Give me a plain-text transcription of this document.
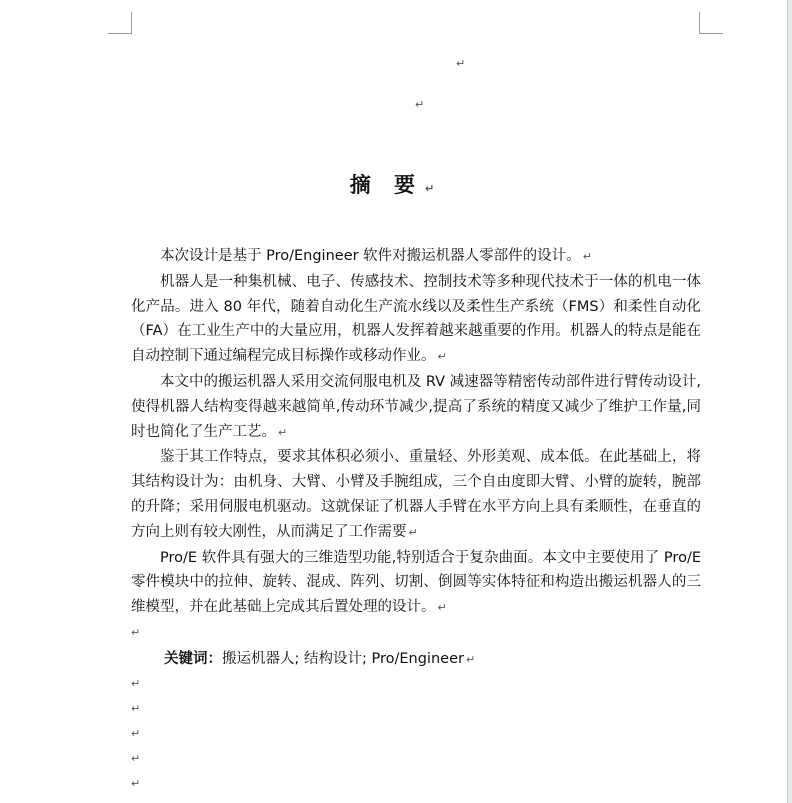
↵
↵
摘 要 ↵

本次设计是基于 Pro/Engineer 软件对搬运机器人零部件的设计。 ↵

机器人是一种集机械、电子、传感技术、控制技术等多种现代技术于一体的机电一体化产品。进入 80 年代，随着自动化生产流水线以及柔性生产系统（FMS）和柔性自动化（FA）在工业生产中的大量应用，机器人发挥着越来越重要的作用。机器人的特点是能在自动控制下通过编程完成目标操作或移动作业。 ↵

本文中的搬运机器人采用交流伺服电机及 RV 减速器等精密传动部件进行臂传动设计,使得机器人结构变得越来越简单,传动环节减少,提高了系统的精度又减少了维护工作量,同时也简化了生产工艺。 ↵

鉴于其工作特点，要求其体积必须小、重量轻、外形美观、成本低。在此基础上，将其结构设计为：由机身、大臂、小臂及手腕组成，三个自由度即大臂、小臂的旋转，腕部的升降；采用伺服电机驱动。这就保证了机器人手臂在水平方向上具有柔顺性，在垂直的方向上则有较大刚性，从而满足了工作需要 ↵

Pro/E 软件具有强大的三维造型功能,特别适合于复杂曲面。本文中主要使用了 Pro/E 零件模块中的拉伸、旋转、混成、阵列、切割、倒圆等实体特征和构造出搬运机器人的三维模型，并在此基础上完成其后置处理的设计。 ↵

↵
关键词：搬运机器人; 结构设计; Pro/Engineer ↵
↵
↵
↵
↵
↵
